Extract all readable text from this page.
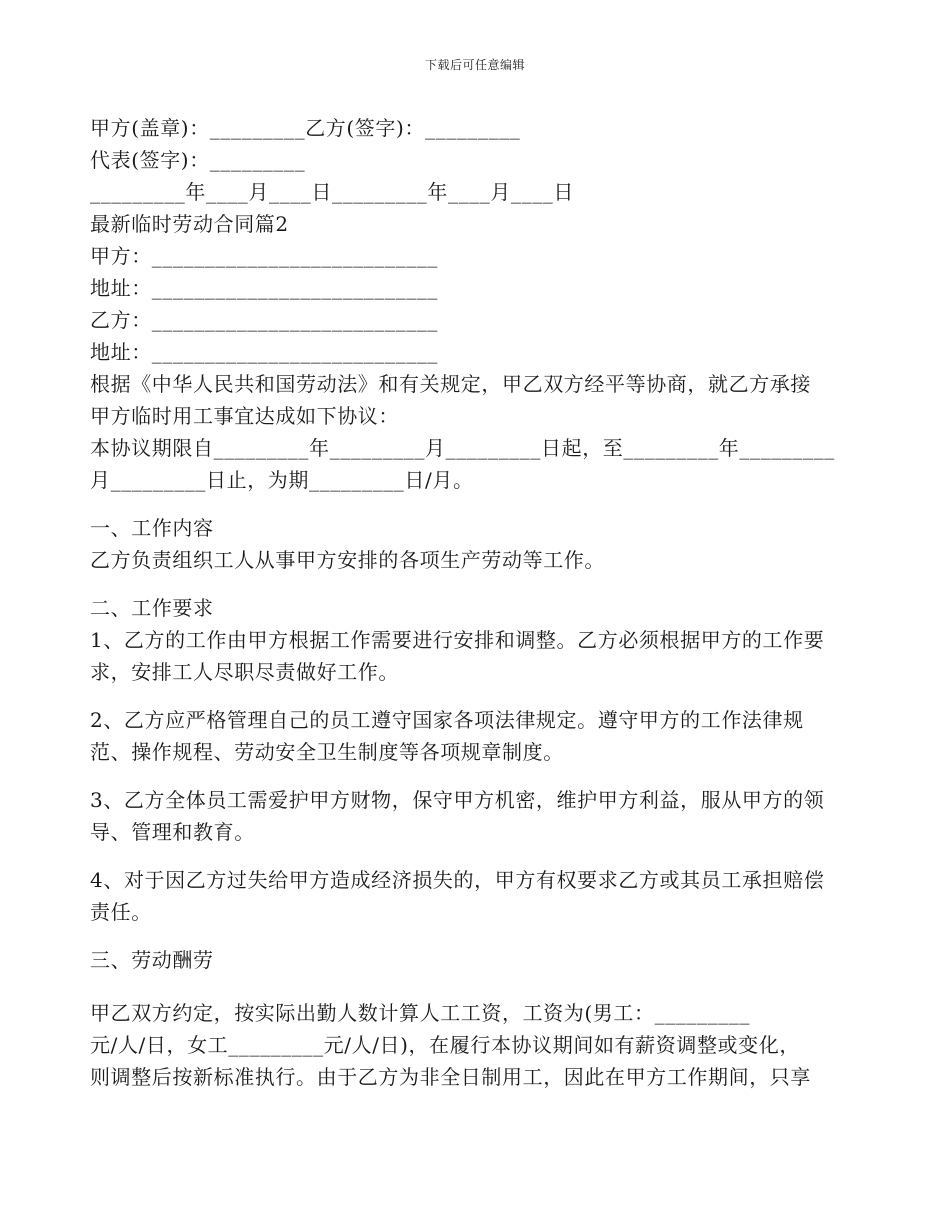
下载后可任意编辑
甲方(盖章)：_________乙方(签字)：_________
代表(签字)：_________
_________年____月____日_________年____月____日
最新临时劳动合同篇2
甲方：___________________________
地址：___________________________
乙方：___________________________
地址：___________________________
根据《中华人民共和国劳动法》和有关规定，甲乙双方经平等协商，就乙方承接
甲方临时用工事宜达成如下协议：
本协议期限自_________年_________月_________日起，至_________年_________
月_________日止，为期_________日/月。
一、工作内容
乙方负责组织工人从事甲方安排的各项生产劳动等工作。
二、工作要求
1、乙方的工作由甲方根据工作需要进行安排和调整。乙方必须根据甲方的工作要
求，安排工人尽职尽责做好工作。
2、乙方应严格管理自己的员工遵守国家各项法律规定。遵守甲方的工作法律规
范、操作规程、劳动安全卫生制度等各项规章制度。
3、乙方全体员工需爱护甲方财物，保守甲方机密，维护甲方利益，服从甲方的领
导、管理和教育。
4、对于因乙方过失给甲方造成经济损失的，甲方有权要求乙方或其员工承担赔偿
责任。
三、劳动酬劳
甲乙双方约定，按实际出勤人数计算人工工资，工资为(男工：_________
元/人/日，女工_________元/人/日)，在履行本协议期间如有薪资调整或变化，
则调整后按新标准执行。由于乙方为非全日制用工，因此在甲方工作期间，只享
